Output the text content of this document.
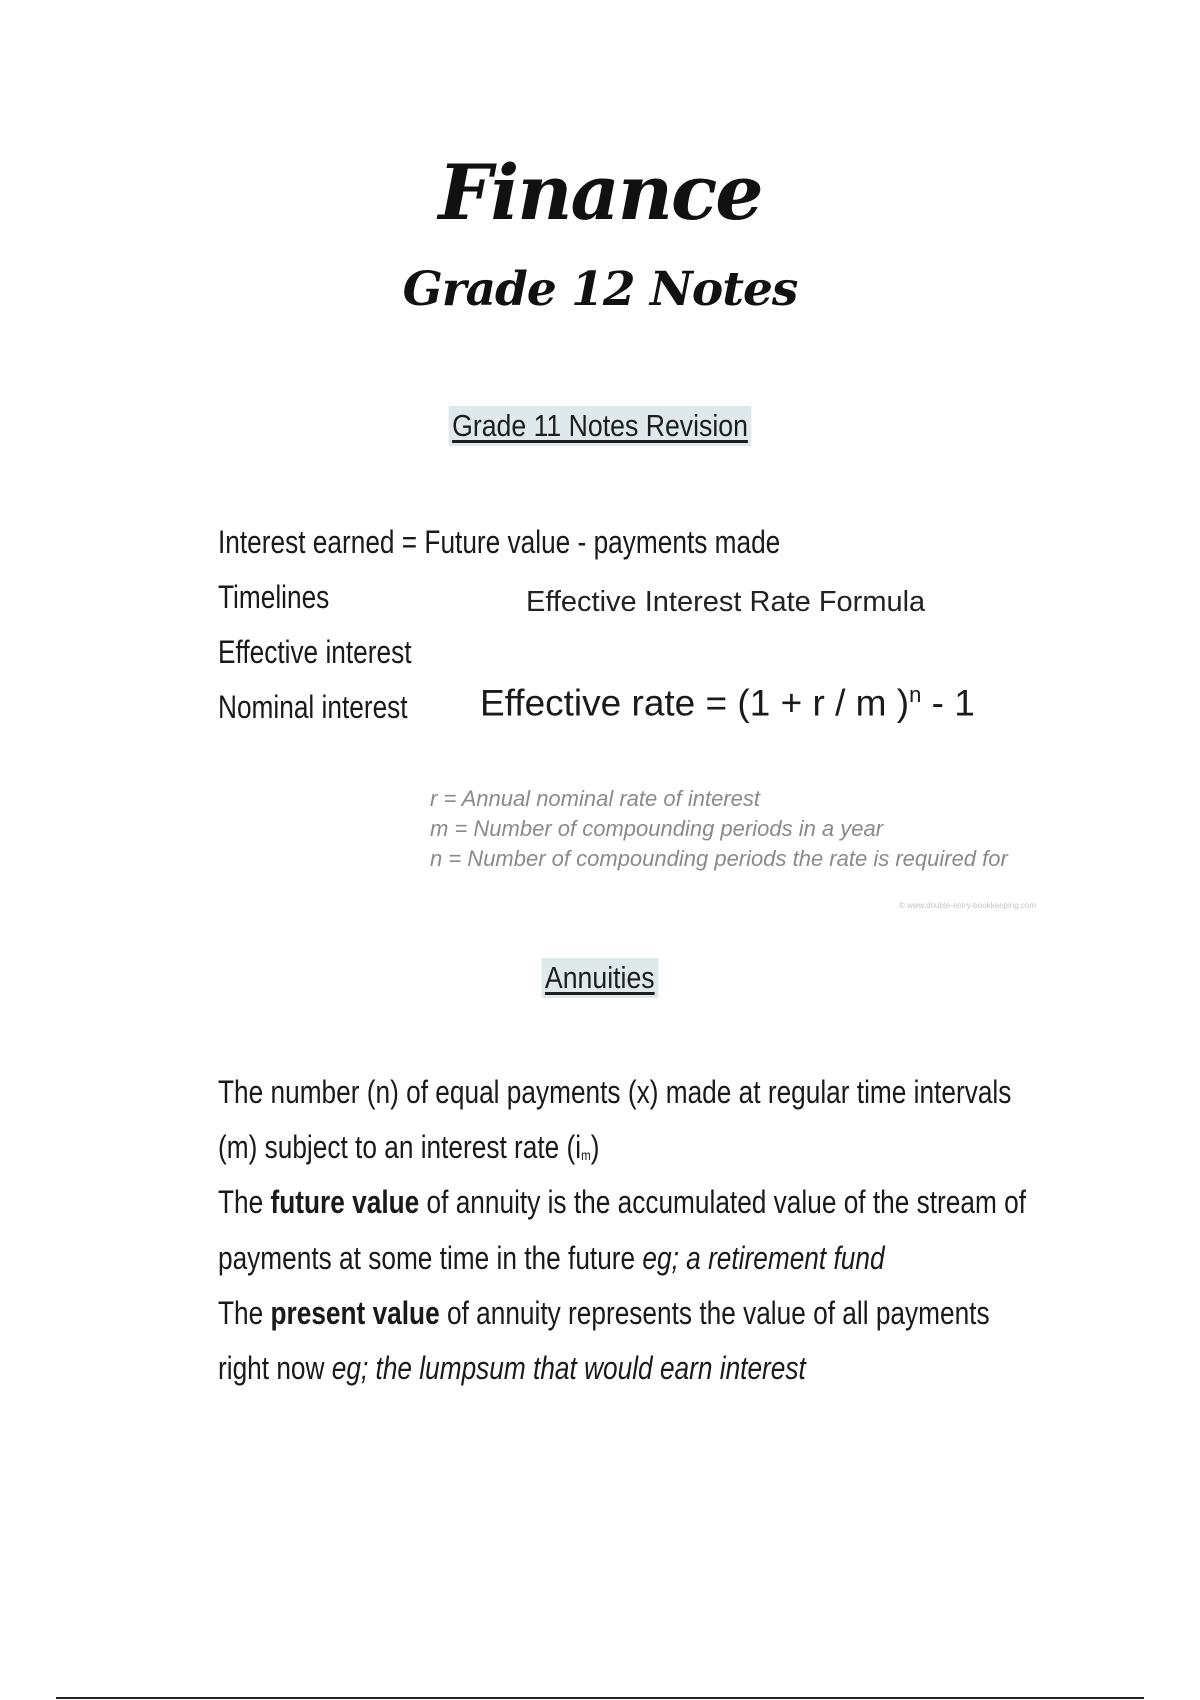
Finance
Grade 12 Notes
Grade 11 Notes Revision
Interest earned = Future value - payments made
Timelines
Effective interest
Nominal interest
Effective Interest Rate Formula
Effective rate = (1 + r / m )$^n$ - 1
r = Annual nominal rate of interest
m = Number of compounding periods in a year
n = Number of compounding periods the rate is required for
© www.double-entry-bookkeeping.com
Annuities
The number (n) of equal payments (x) made at regular time intervals
(m) subject to an interest rate (im)
The future value of annuity is the accumulated value of the stream of
payments at some time in the future eg; a retirement fund
The present value of annuity represents the value of all payments
right now eg; the lumpsum that would earn interest
